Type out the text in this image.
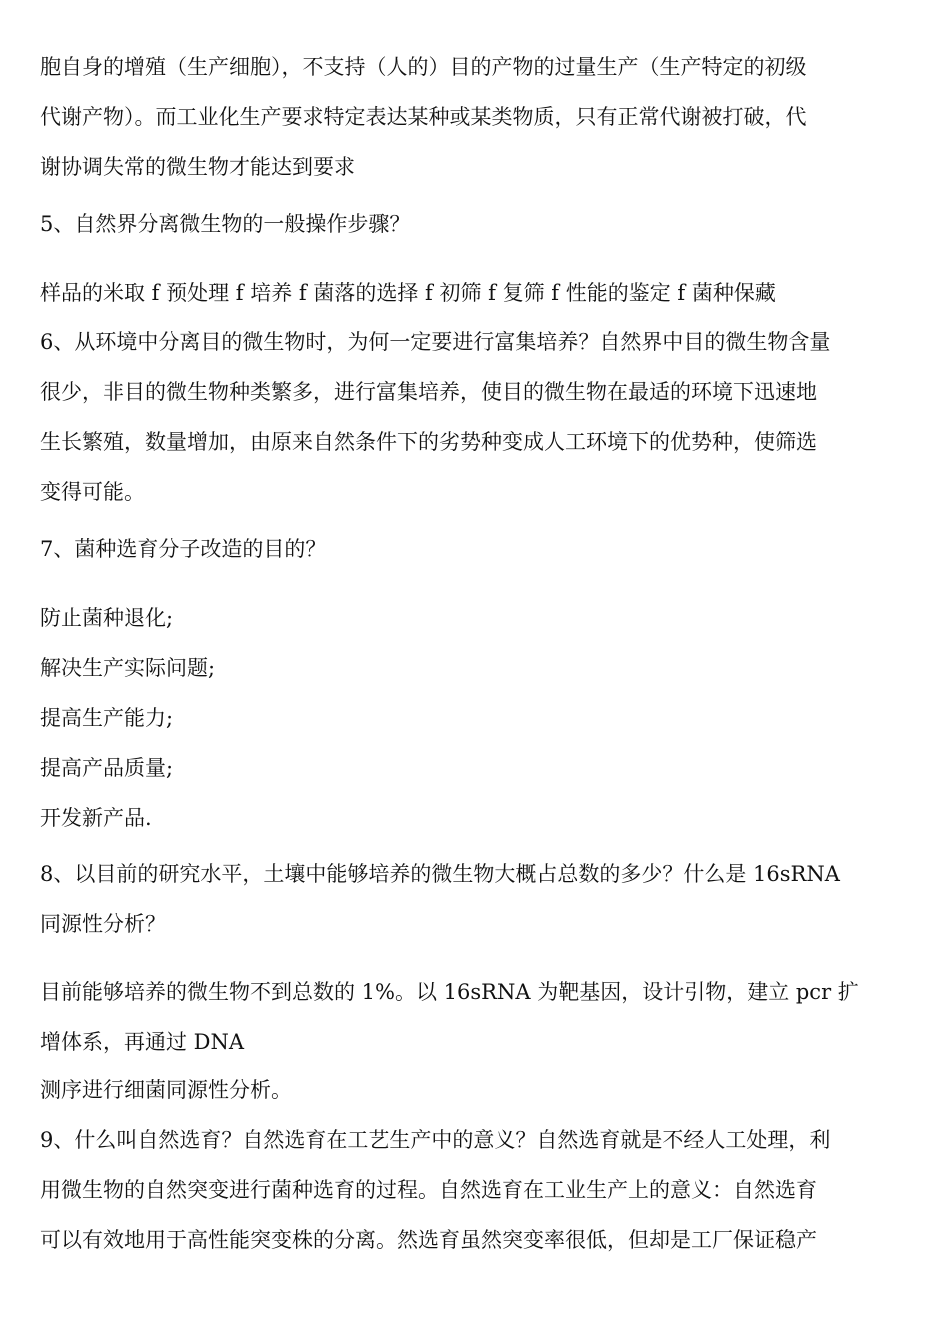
胞自身的增殖（生产细胞），不支持（人的）目的产物的过量生产（生产特定的初级
代谢产物）。而工业化生产要求特定表达某种或某类物质，只有正常代谢被打破，代
谢协调失常的微生物才能达到要求
5、自然界分离微生物的一般操作步骤？
样品的米取 f 预处理 f 培养 f 菌落的选择 f 初筛 f 复筛 f 性能的鉴定 f 菌种保藏
6、从环境中分离目的微生物时，为何一定要进行富集培养？自然界中目的微生物含量
很少，非目的微生物种类繁多，进行富集培养，使目的微生物在最适的环境下迅速地
生长繁殖，数量增加，由原来自然条件下的劣势种变成人工环境下的优势种，使筛选
变得可能。
7、菌种选育分子改造的目的？
防止菌种退化;
解决生产实际问题;
提高生产能力;
提高产品质量;
开发新产品.
8、以目前的研究水平，土壤中能够培养的微生物大概占总数的多少？什么是 16sRNA
同源性分析？
目前能够培养的微生物不到总数的 1%。以 16sRNA 为靶基因，设计引物，建立 pcr 扩
增体系，再通过 DNA
测序进行细菌同源性分析。
9、什么叫自然选育？自然选育在工艺生产中的意义？自然选育就是不经人工处理，利
用微生物的自然突变进行菌种选育的过程。自然选育在工业生产上的意义：自然选育
可以有效地用于高性能突变株的分离。然选育虽然突变率很低，但却是工厂保证稳产
